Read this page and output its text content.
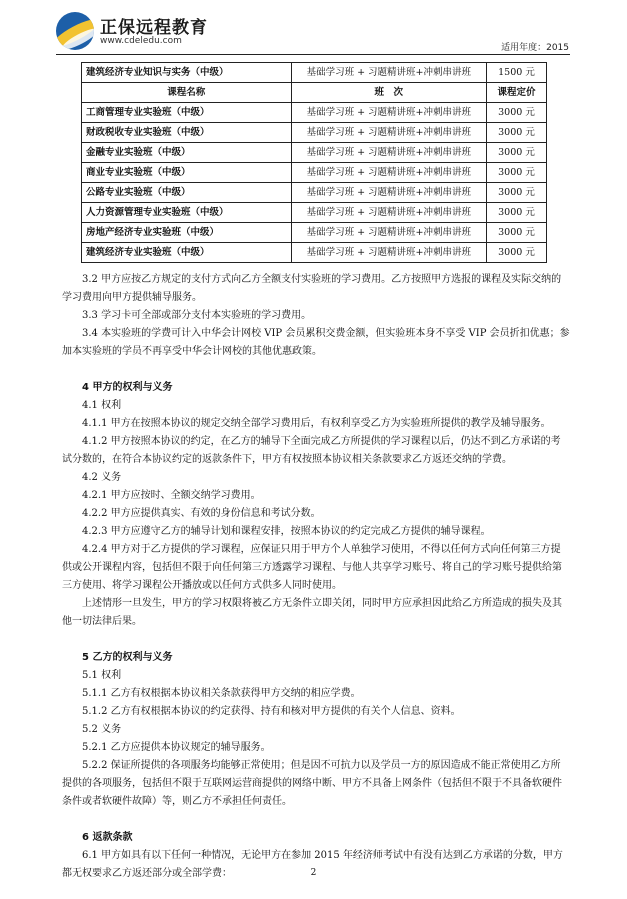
正保远程教育
www.cdeledu.com
适用年度：2015
建筑经济专业知识与实务（中级）	基础学习班 + 习题精讲班+冲刺串讲班	1500 元
课程名称	班　次	课程定价
工商管理专业实验班（中级）	基础学习班 + 习题精讲班+冲刺串讲班	3000 元
财政税收专业实验班（中级）	基础学习班 + 习题精讲班+冲刺串讲班	3000 元
金融专业实验班（中级）	基础学习班 + 习题精讲班+冲刺串讲班	3000 元
商业专业实验班（中级）	基础学习班 + 习题精讲班+冲刺串讲班	3000 元
公路专业实验班（中级）	基础学习班 + 习题精讲班+冲刺串讲班	3000 元
人力资源管理专业实验班（中级）	基础学习班 + 习题精讲班+冲刺串讲班	3000 元
房地产经济专业实验班（中级）	基础学习班 + 习题精讲班+冲刺串讲班	3000 元
建筑经济专业实验班（中级）	基础学习班 + 习题精讲班+冲刺串讲班	3000 元

3.2 甲方应按乙方规定的支付方式向乙方全额支付实验班的学习费用。乙方按照甲方选报的课程及实际交纳的学习费用向甲方提供辅导服务。

3.3 学习卡可全部或部分支付本实验班的学习费用。

3.4 本实验班的学费可计入中华会计网校 VIP 会员累积交费金额，但实验班本身不享受 VIP 会员折扣优惠；参加本实验班的学员不再享受中华会计网校的其他优惠政策。

4 甲方的权利与义务

4.1 权利

4.1.1 甲方在按照本协议的规定交纳全部学习费用后，有权利享受乙方为实验班所提供的教学及辅导服务。

4.1.2 甲方按照本协议的约定，在乙方的辅导下全面完成乙方所提供的学习课程以后，仍达不到乙方承诺的考试分数的，在符合本协议约定的返款条件下，甲方有权按照本协议相关条款要求乙方返还交纳的学费。

4.2 义务

4.2.1 甲方应按时、全额交纳学习费用。

4.2.2 甲方应提供真实、有效的身份信息和考试分数。

4.2.3 甲方应遵守乙方的辅导计划和课程安排，按照本协议的约定完成乙方提供的辅导课程。

4.2.4 甲方对于乙方提供的学习课程，应保证只用于甲方个人单独学习使用，不得以任何方式向任何第三方提供或公开课程内容，包括但不限于向任何第三方透露学习课程、与他人共享学习账号、将自己的学习账号提供给第三方使用、将学习课程公开播放或以任何方式供多人同时使用。

上述情形一旦发生，甲方的学习权限将被乙方无条件立即关闭，同时甲方应承担因此给乙方所造成的损失及其他一切法律后果。

5 乙方的权利与义务

5.1 权利

5.1.1 乙方有权根据本协议相关条款获得甲方交纳的相应学费。

5.1.2 乙方有权根据本协议的约定获得、持有和核对甲方提供的有关个人信息、资料。

5.2 义务

5.2.1 乙方应提供本协议规定的辅导服务。

5.2.2 保证所提供的各项服务均能够正常使用；但是因不可抗力以及学员一方的原因造成不能正常使用乙方所提供的各项服务，包括但不限于互联网运营商提供的网络中断、甲方不具备上网条件（包括但不限于不具备软硬件条件或者软硬件故障）等，则乙方不承担任何责任。

6 返款条款

6.1 甲方如具有以下任何一种情况，无论甲方在参加 2015 年经济师考试中有没有达到乙方承诺的分数，甲方都无权要求乙方返还部分或全部学费：	2
